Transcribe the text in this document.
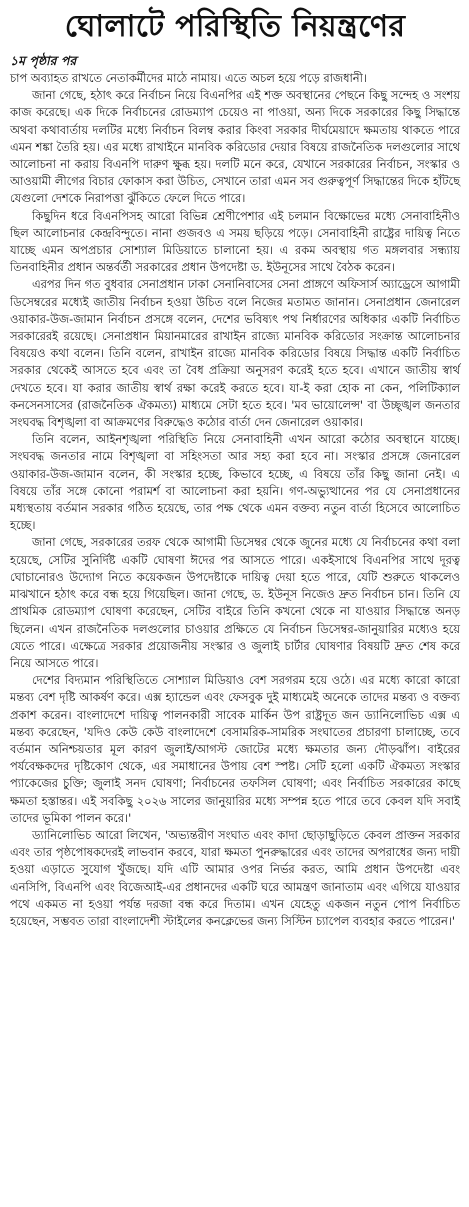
ঘোলাটে পরিস্থিতি নিয়ন্ত্রণের
১ম পৃষ্ঠার পর

চাপ অব্যাহত রাখতে নেতাকর্মীদের মাঠে নামায়। এতে অচল হয়ে পড়ে রাজধানী।

জানা গেছে, হঠাৎ করে নির্বাচন নিয়ে বিএনপির এই শক্ত অবস্থানের পেছনে কিছু সন্দেহ ও সংশয় কাজ করেছে। এক দিকে নির্বাচনের রোডম্যাপ চেয়েও না পাওয়া, অন্য দিকে সরকারের কিছু সিদ্ধান্তে অথবা কথাবার্তায় দলটির মধ্যে নির্বাচন বিলম্ব করার কিংবা সরকার দীর্ঘমেয়াদে ক্ষমতায় থাকতে পারে এমন শঙ্কা তৈরি হয়। এর মধ্যে রাখাইনে মানবিক করিডোর দেয়ার বিষয়ে রাজনৈতিক দলগুলোর সাথে আলোচনা না করায় বিএনপি দারুণ ক্ষুব্ধ হয়। দলটি মনে করে, যেখানে সরকারের নির্বাচন, সংস্কার ও আওয়ামী লীগের বিচার ফোকাস করা উচিত, সেখানে তারা এমন সব গুরুত্বপূর্ণ সিদ্ধান্তের দিকে হাঁটছে যেগুলো দেশকে নিরাপত্তা ঝুঁকিতে ফেলে দিতে পারে।

কিছুদিন ধরে বিএনপিসহ আরো বিভিন্ন শ্রেণীপেশার এই চলমান বিক্ষোভের মধ্যে সেনাবাহিনীও ছিল আলোচনার কেন্দ্রবিন্দুতে। নানা গুজবও এ সময় ছড়িয়ে পড়ে। সেনাবাহিনী রাষ্ট্রের দায়িত্ব নিতে যাচ্ছে এমন অপপ্রচার সোশ্যাল মিডিয়াতে চালানো হয়। এ রকম অবস্থায় গত মঙ্গলবার সন্ধ্যায় তিনবাহিনীর প্রধান অন্তর্বর্তী সরকারের প্রধান উপদেষ্টা ড. ইউনূসের সাথে বৈঠক করেন।

এরপর দিন গত বুধবার সেনাপ্রধান ঢাকা সেনানিবাসের সেনা প্রাঙ্গণে অফিসার্স অ্যাড্রেসে আগামী ডিসেম্বরের মধ্যেই জাতীয় নির্বাচন হওয়া উচিত বলে নিজের মতামত জানান। সেনাপ্রধান জেনারেল ওয়াকার-উজ-জামান নির্বাচন প্রসঙ্গে বলেন, দেশের ভবিষ্যৎ পথ নির্ধারণের অধিকার একটি নির্বাচিত সরকারেরই রয়েছে। সেনাপ্রধান মিয়ানমারের রাখাইন রাজ্যে মানবিক করিডোর সংক্রান্ত আলোচনার বিষয়েও কথা বলেন। তিনি বলেন, রাখাইন রাজ্যে মানবিক করিডোর বিষয়ে সিদ্ধান্ত একটি নির্বাচিত সরকার থেকেই আসতে হবে এবং তা বৈধ প্রক্রিয়া অনুসরণ করেই হতে হবে। এখানে জাতীয় স্বার্থ দেখতে হবে। যা করার জাতীয় স্বার্থ রক্ষা করেই করতে হবে। যা-ই করা হোক না কেন, পলিটিক্যাল কনসেনসাসের (রাজনৈতিক ঐকমত্য) মাধ্যমে সেটা হতে হবে। 'মব ভায়োলেন্স' বা উচ্ছৃঙ্খল জনতার সংঘবদ্ধ বিশৃঙ্খলা বা আক্রমণের বিরুদ্ধেও কঠোর বার্তা দেন জেনারেল ওয়াকার।

তিনি বলেন, আইনশৃঙ্খলা পরিস্থিতি নিয়ে সেনাবাহিনী এখন আরো কঠোর অবস্থানে যাচ্ছে। সংঘবদ্ধ জনতার নামে বিশৃঙ্খলা বা সহিংসতা আর সহ্য করা হবে না। সংস্কার প্রসঙ্গে জেনারেল ওয়াকার-উজ-জামান বলেন, কী সংস্কার হচ্ছে, কিভাবে হচ্ছে, এ বিষয়ে তাঁর কিছু জানা নেই। এ বিষয়ে তাঁর সঙ্গে কোনো পরামর্শ বা আলোচনা করা হয়নি। গণ-অভ্যুত্থানের পর যে সেনাপ্রধানের মধ্যস্থতায় বর্তমান সরকার গঠিত হয়েছে, তার পক্ষ থেকে এমন বক্তব্য নতুন বার্তা হিসেবে আলোচিত হচ্ছে।

জানা গেছে, সরকারের তরফ থেকে আগামী ডিসেম্বর থেকে জুনের মধ্যে যে নির্বাচনের কথা বলা হয়েছে, সেটির সুনির্দিষ্ট একটি ঘোষণা ঈদের পর আসতে পারে। একইসাথে বিএনপির সাথে দূরত্ব ঘোচানোরও উদ্যোগ নিতে কয়েকজন উপদেষ্টাকে দায়িত্ব দেয়া হতে পারে, যেটি শুরুতে থাকলেও মাঝখানে হঠাৎ করে বন্ধ হয়ে গিয়েছিল। জানা গেছে, ড. ইউনূস নিজেও দ্রুত নির্বাচন চান। তিনি যে প্রাথমিক রোডম্যাপ ঘোষণা করেছেন, সেটির বাইরে তিনি কখনো থেকে না যাওয়ার সিদ্ধান্তে অনড় ছিলেন। এখন রাজনৈতিক দলগুলোর চাওয়ার প্রক্ষিতে যে নির্বাচন ডিসেম্বর-জানুয়ারির মধ্যেও হয়ে যেতে পারে। এক্ষেত্রে সরকার প্রয়োজনীয় সংস্কার ও জুলাই চার্টার ঘোষণার বিষয়টি দ্রুত শেষ করে নিয়ে আসতে পারে।

দেশের বিদ্যমান পরিস্থিতিতে সোশ্যাল মিডিয়াও বেশ সরগরম হয়ে ওঠে। এর মধ্যে কারো কারো মন্তব্য বেশ দৃষ্টি আকর্ষণ করে। এক্স হ্যান্ডেল এবং ফেসবুক দুই মাধ্যমেই অনেকে তাদের মন্তব্য ও বক্তব্য প্রকাশ করেন। বাংলাদেশে দায়িত্ব পালনকারী সাবেক মার্কিন উপ রাষ্ট্রদূত জন ড্যানিলোভিচ এক্স এ মন্তব্য করেছেন, 'যদিও কেউ কেউ বাংলাদেশে বেসামরিক-সামরিক সংঘাতের প্রচারণা চালাচ্ছে, তবে বর্তমান অনিশ্চয়তার মূল কারণ জুলাই/আগস্ট জোটের মধ্যে ক্ষমতার জন্য দৌড়ঝাঁপ। বাইরের পর্যবেক্ষকদের দৃষ্টিকোণ থেকে, এর সমাধানের উপায় বেশ স্পষ্ট। সেটি হলো একটি ঐকমত্য সংস্কার প্যাকেজের চুক্তি; জুলাই সনদ ঘোষণা; নির্বাচনের তফসিল ঘোষণা; এবং নির্বাচিত সরকারের কাছে ক্ষমতা হস্তান্তর। এই সবকিছু ২০২৬ সালের জানুয়ারির মধ্যে সম্পন্ন হতে পারে তবে কেবল যদি সবাই তাদের ভূমিকা পালন করে।'

ড্যানিলোভিচ আরো লিখেন, 'অভ্যন্তরীণ সংঘাত এবং কাদা ছোড়াছুড়িতে কেবল প্রাক্তন সরকার এবং তার পৃষ্ঠপোষকদেরই লাভবান করবে, যারা ক্ষমতা পুনরুদ্ধারের এবং তাদের অপরাধের জন্য দায়ী হওয়া এড়াতে সুযোগ খুঁজছে। যদি এটি আমার ওপর নির্ভর করত, আমি প্রধান উপদেষ্টা এবং এনসিপি, বিএনপি এবং বিজেআই-এর প্রধানদের একটি ঘরে আমন্ত্রণ জানাতাম এবং এগিয়ে যাওয়ার পথে একমত না হওয়া পর্যন্ত দরজা বন্ধ করে দিতাম। এখন যেহেতু একজন নতুন পোপ নির্বাচিত হয়েছেন, সম্ভবত তারা বাংলাদেশী স্টাইলের কনক্লেভের জন্য সিস্টিন চ্যাপেল ব্যবহার করতে পারেন।'
